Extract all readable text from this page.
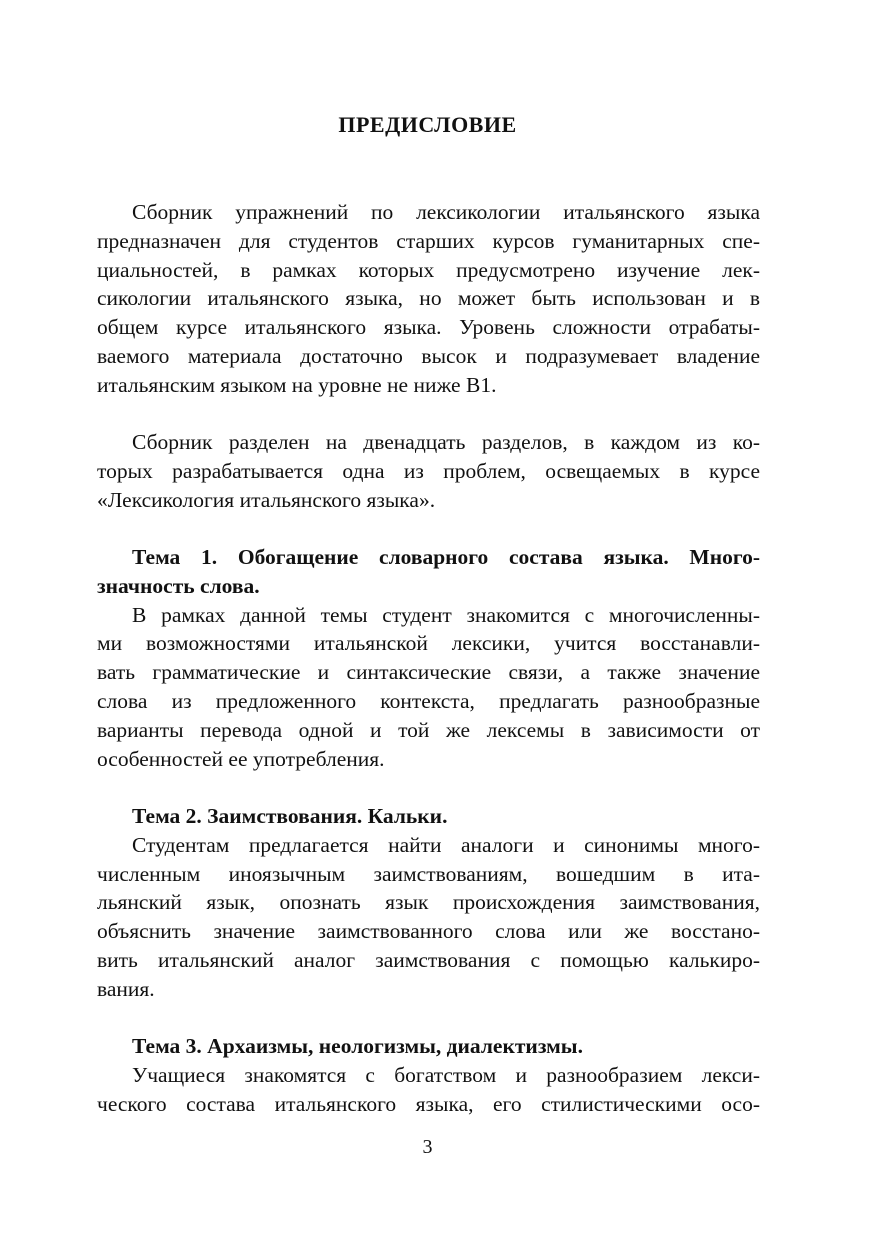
ПРЕДИСЛОВИЕ
Сборник упражнений по лексикологии итальянского языка
предназначен для студентов старших курсов гуманитарных спе-
циальностей, в рамках которых предусмотрено изучение лек-
сикологии итальянского языка, но может быть использован и в
общем курсе итальянского языка. Уровень сложности отрабаты-
ваемого материала достаточно высок и подразумевает владение
итальянским языком на уровне не ниже В1.
Сборник разделен на двенадцать разделов, в каждом из ко-
торых разрабатывается одна из проблем, освещаемых в курсе
«Лексикология итальянского языка».
Тема 1. Обогащение словарного состава языка. Много-
значность слова.
В рамках данной темы студент знакомится с многочисленны-
ми возможностями итальянской лексики, учится восстанавли-
вать грамматические и синтаксические связи, а также значение
слова из предложенного контекста, предлагать разнообразные
варианты перевода одной и той же лексемы в зависимости от
особенностей ее употребления.
Тема 2. Заимствования. Кальки.
Студентам предлагается найти аналоги и синонимы много-
численным иноязычным заимствованиям, вошедшим в ита-
льянский язык, опознать язык происхождения заимствования,
объяснить значение заимствованного слова или же восстано-
вить итальянский аналог заимствования с помощью калькиро-
вания.
Тема 3. Архаизмы, неологизмы, диалектизмы.
Учащиеся знакомятся с богатством и разнообразием лекси-
ческого состава итальянского языка, его стилистическими осо-
3
